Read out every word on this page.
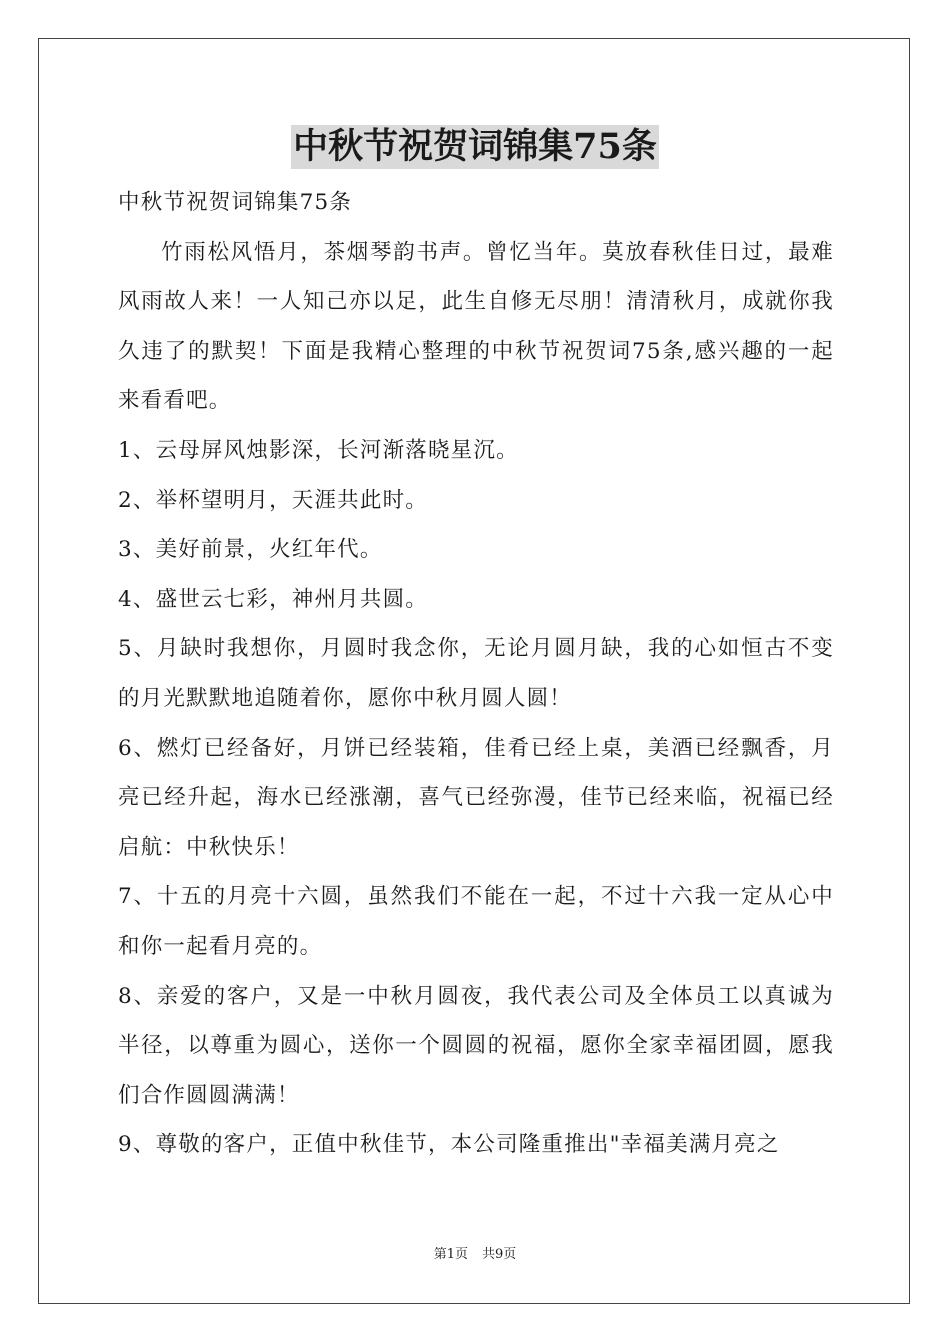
中秋节祝贺词锦集75条

中秋节祝贺词锦集75条

竹雨松风悟月，茶烟琴韵书声。曾忆当年。莫放春秋佳日过，最难风雨故人来！一人知己亦以足，此生自修无尽朋！清清秋月，成就你我久违了的默契！下面是我精心整理的中秋节祝贺词75条,感兴趣的一起来看看吧。

1、云母屏风烛影深，长河渐落晓星沉。

2、举杯望明月，天涯共此时。

3、美好前景，火红年代。

4、盛世云七彩，神州月共圆。

5、月缺时我想你，月圆时我念你，无论月圆月缺，我的心如恒古不变的月光默默地追随着你，愿你中秋月圆人圆！

6、燃灯已经备好，月饼已经装箱，佳肴已经上桌，美酒已经飘香，月亮已经升起，海水已经涨潮，喜气已经弥漫，佳节已经来临，祝福已经启航：中秋快乐！

7、十五的月亮十六圆，虽然我们不能在一起，不过十六我一定从心中和你一起看月亮的。

8、亲爱的客户，又是一中秋月圆夜，我代表公司及全体员工以真诚为半径，以尊重为圆心，送你一个圆圆的祝福，愿你全家幸福团圆，愿我们合作圆圆满满！

9、尊敬的客户，正值中秋佳节，本公司隆重推出"幸福美满月亮之

第1页 共9页
